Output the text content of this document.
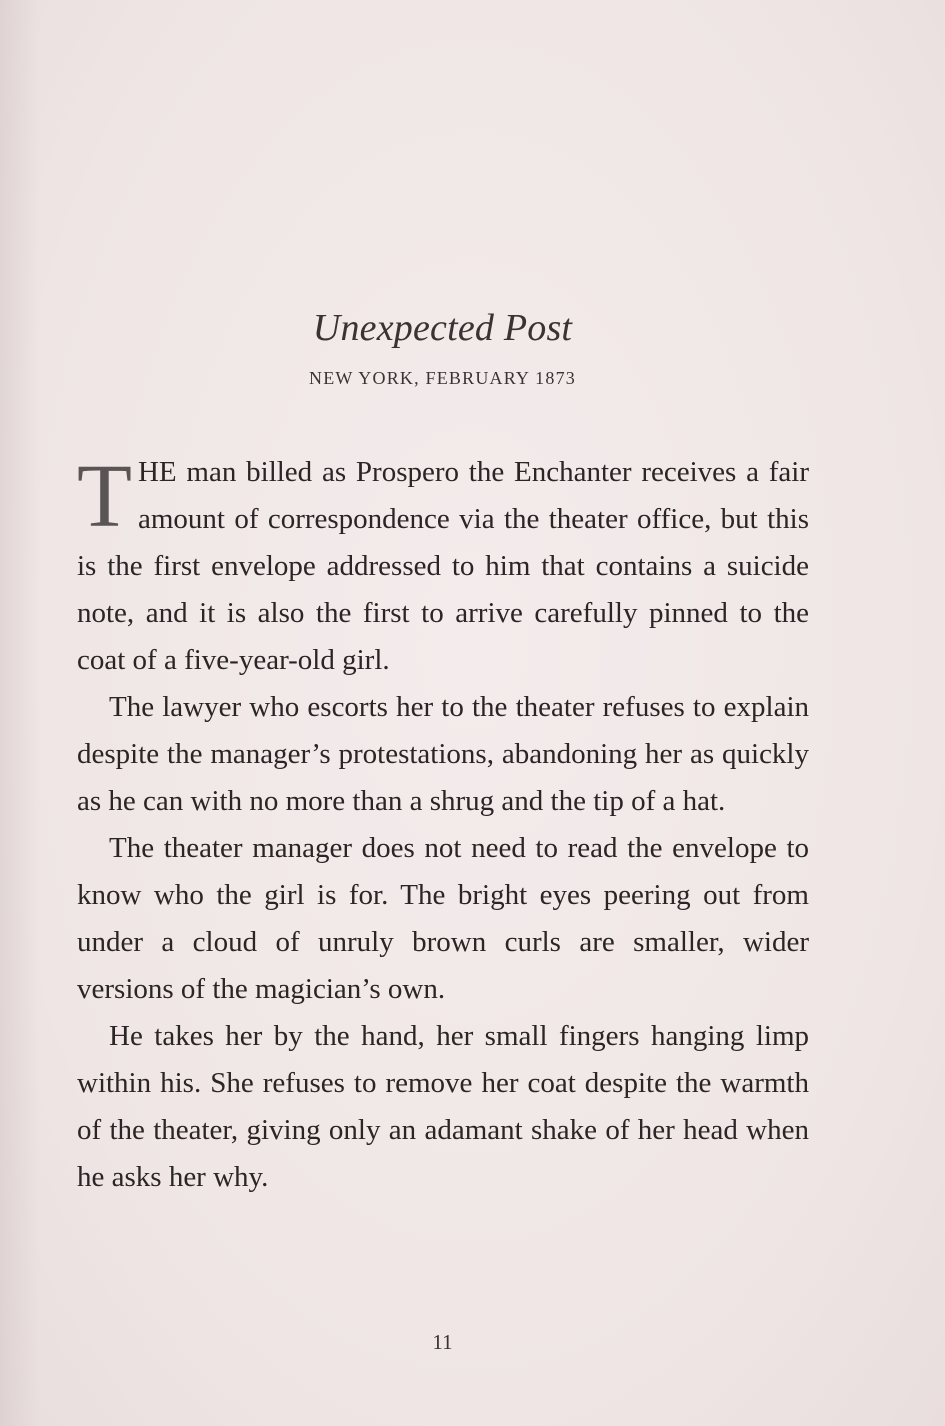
Unexpected Post
NEW YORK, FEBRUARY 1873

THE man billed as Prospero the Enchanter receives a fair amount of correspondence via the theater office, but this is the first envelope addressed to him that contains a suicide note, and it is also the first to arrive carefully pinned to the coat of a five-year-old girl.

The lawyer who escorts her to the theater refuses to explain despite the manager’s protestations, abandoning her as quickly as he can with no more than a shrug and the tip of a hat.

The theater manager does not need to read the envelope to know who the girl is for. The bright eyes peering out from under a cloud of unruly brown curls are smaller, wider versions of the magician’s own.

He takes her by the hand, her small fingers hanging limp within his. She refuses to remove her coat despite the warmth of the theater, giving only an adamant shake of her head when he asks her why.

11
